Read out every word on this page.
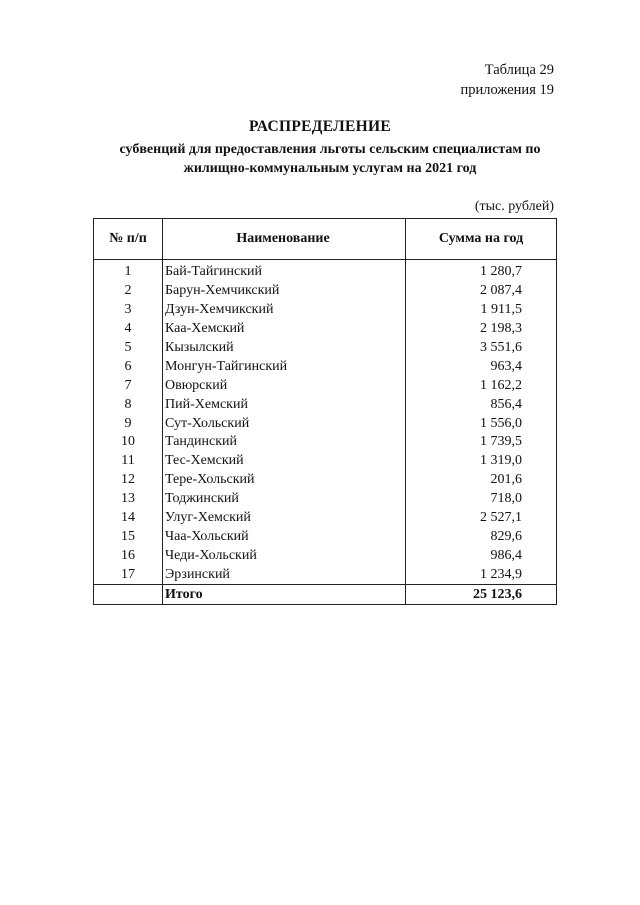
Таблица 29
приложения 19
РАСПРЕДЕЛЕНИЕ
субвенций для предоставления льготы сельским специалистам по жилищно-коммунальным услугам на 2021 год
(тыс. рублей)
№ п/п	Наименование	Сумма на год
1	Бай-Тайгинский	1 280,7
2	Барун-Хемчикский	2 087,4
3	Дзун-Хемчикский	1 911,5
4	Каа-Хемский	2 198,3
5	Кызылский	3 551,6
6	Монгун-Тайгинский	963,4
7	Овюрский	1 162,2
8	Пий-Хемский	856,4
9	Сут-Хольский	1 556,0
10	Тандинский	1 739,5
11	Тес-Хемский	1 319,0
12	Тере-Хольский	201,6
13	Тоджинский	718,0
14	Улуг-Хемский	2 527,1
15	Чаа-Хольский	829,6
16	Чеди-Хольский	986,4
17	Эрзинский	1 234,9
	Итого	25 123,6
